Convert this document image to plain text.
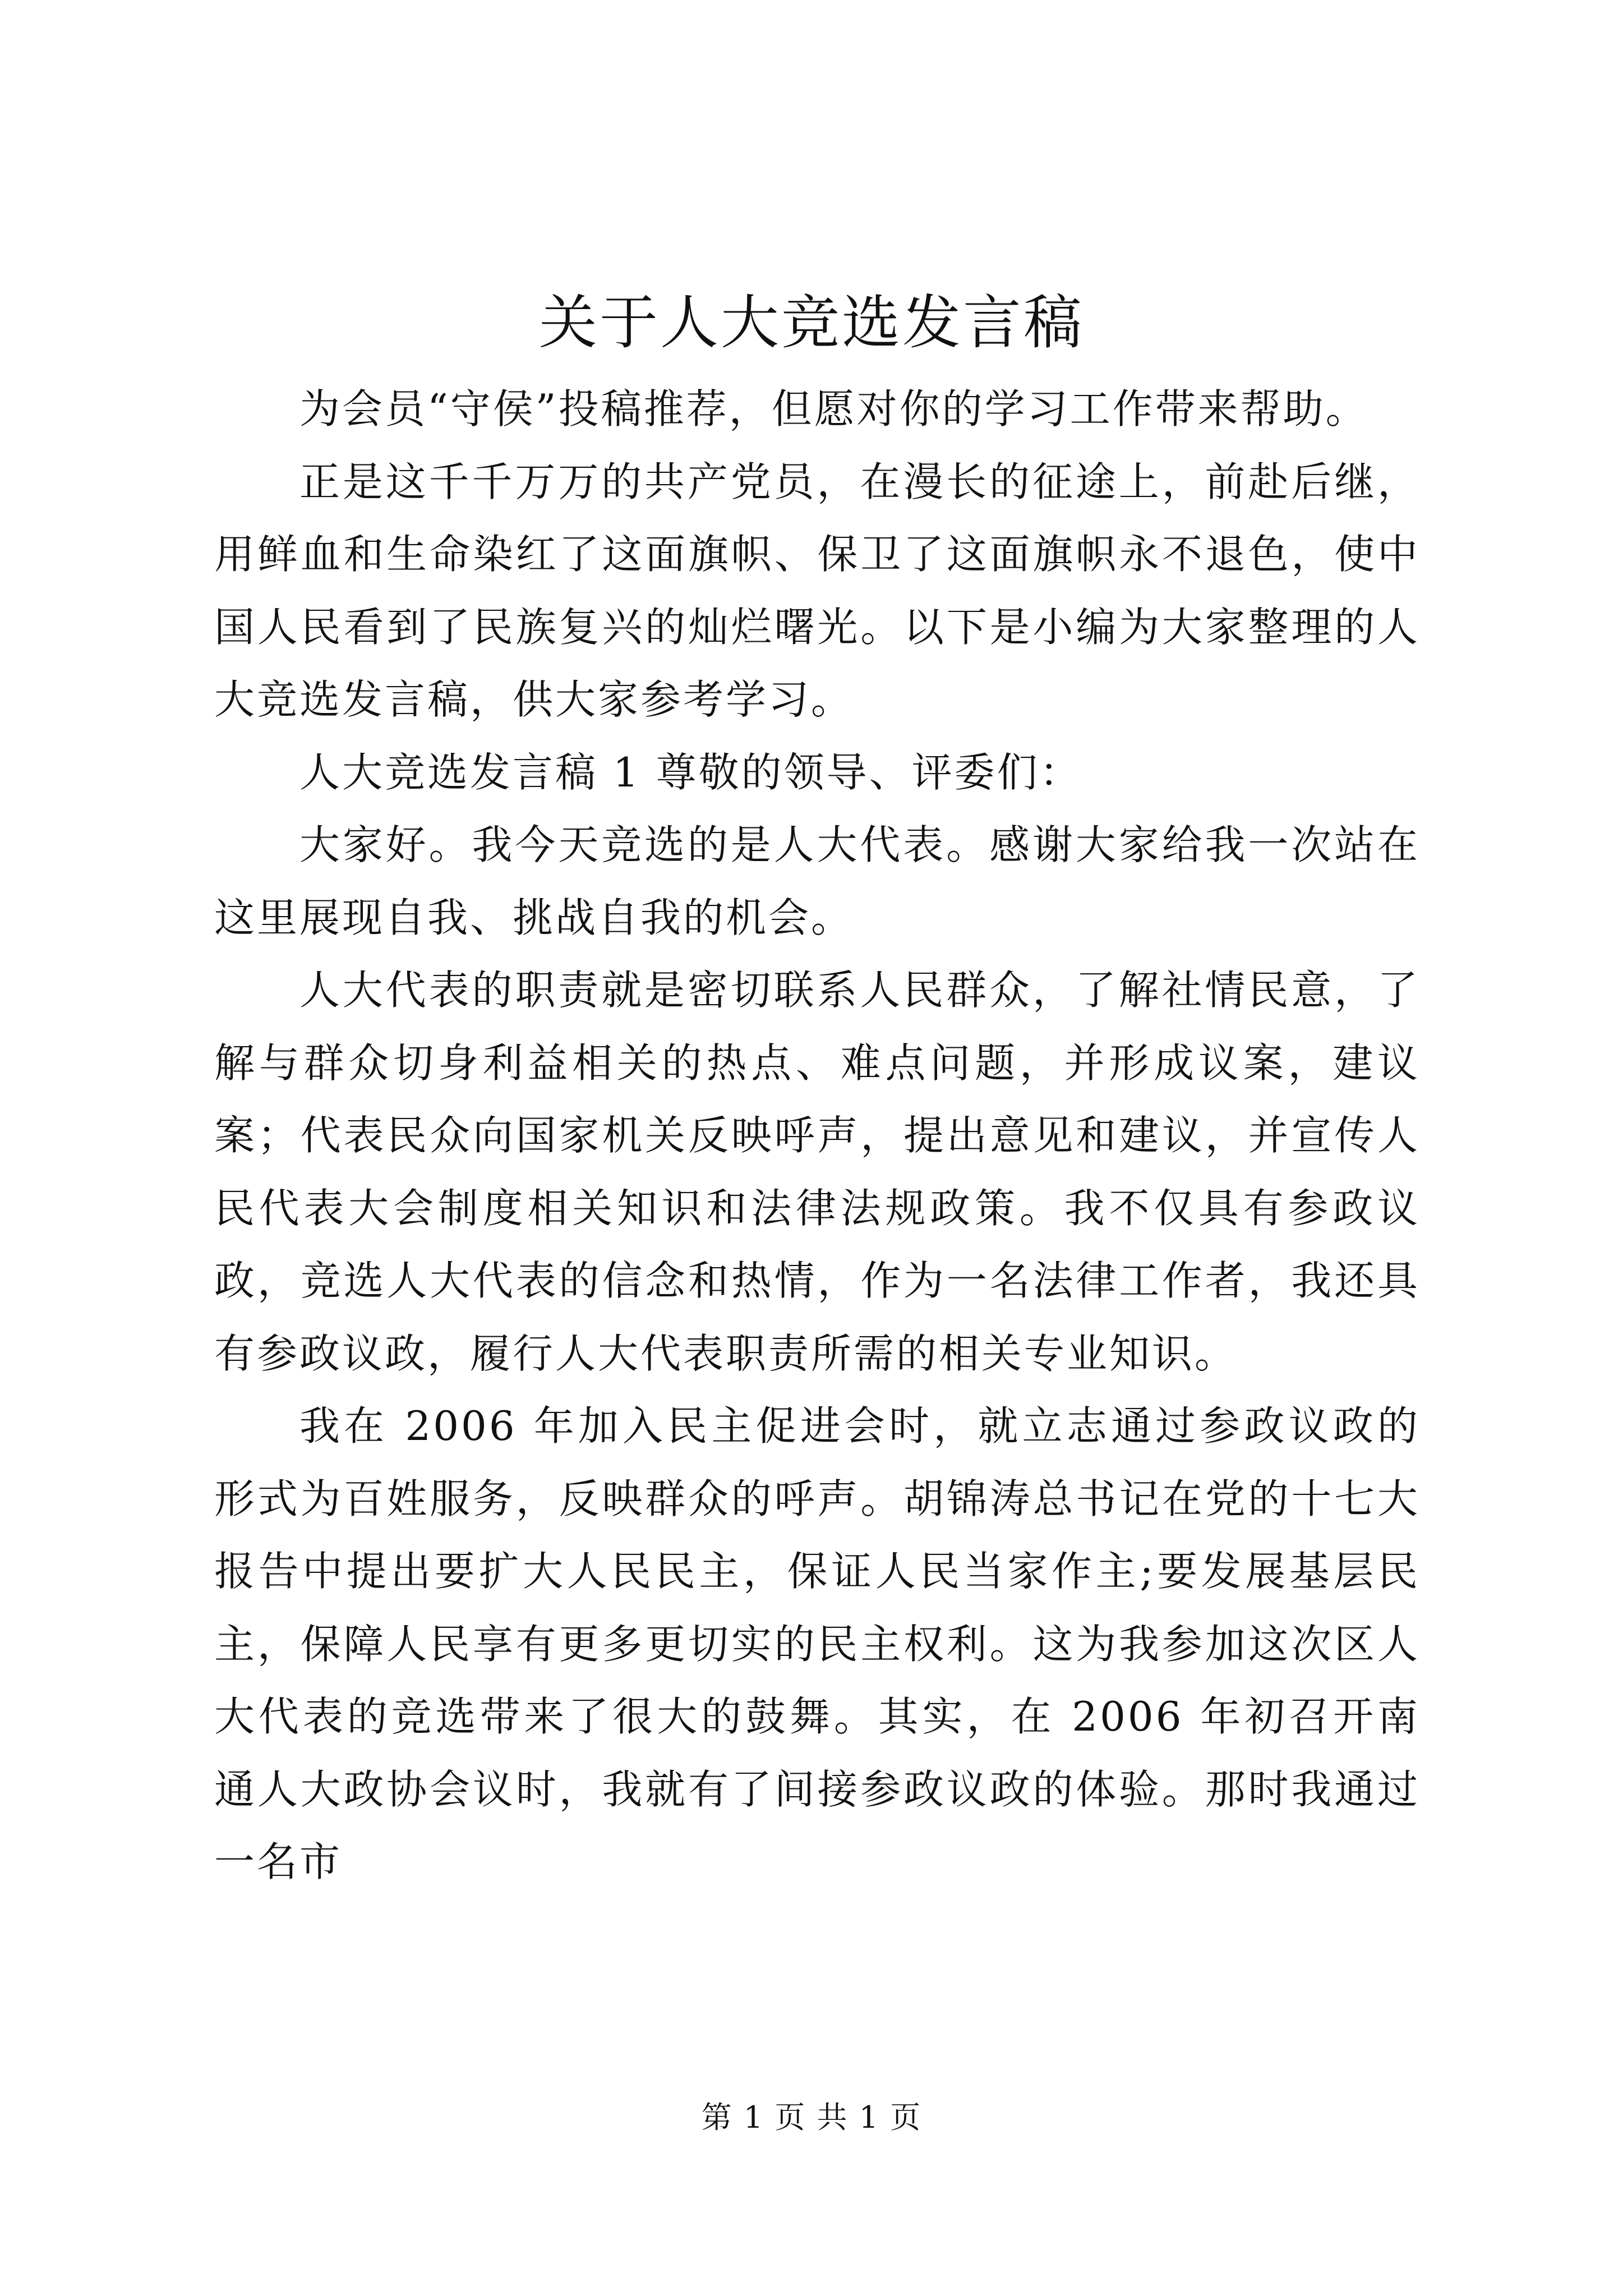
关于人大竞选发言稿

为会员“守侯”投稿推荐，但愿对你的学习工作带来帮助。

正是这千千万万的共产党员，在漫长的征途上，前赴后继，用鲜血和生命染红了这面旗帜、保卫了这面旗帜永不退色，使中国人民看到了民族复兴的灿烂曙光。以下是小编为大家整理的人大竞选发言稿，供大家参考学习。

人大竞选发言稿 1 尊敬的领导、评委们：

大家好。我今天竞选的是人大代表。感谢大家给我一次站在这里展现自我、挑战自我的机会。

人大代表的职责就是密切联系人民群众，了解社情民意，了解与群众切身利益相关的热点、难点问题，并形成议案，建议案；代表民众向国家机关反映呼声，提出意见和建议，并宣传人民代表大会制度相关知识和法律法规政策。我不仅具有参政议政，竞选人大代表的信念和热情，作为一名法律工作者，我还具有参政议政，履行人大代表职责所需的相关专业知识。

我在 2006 年加入民主促进会时，就立志通过参政议政的形式为百姓服务，反映群众的呼声。胡锦涛总书记在党的十七大报告中提出要扩大人民民主，保证人民当家作主;要发展基层民主，保障人民享有更多更切实的民主权利。这为我参加这次区人大代表的竞选带来了很大的鼓舞。其实，在 2006 年初召开南通人大政协会议时，我就有了间接参政议政的体验。那时我通过一名市

第 1 页 共 1 页
